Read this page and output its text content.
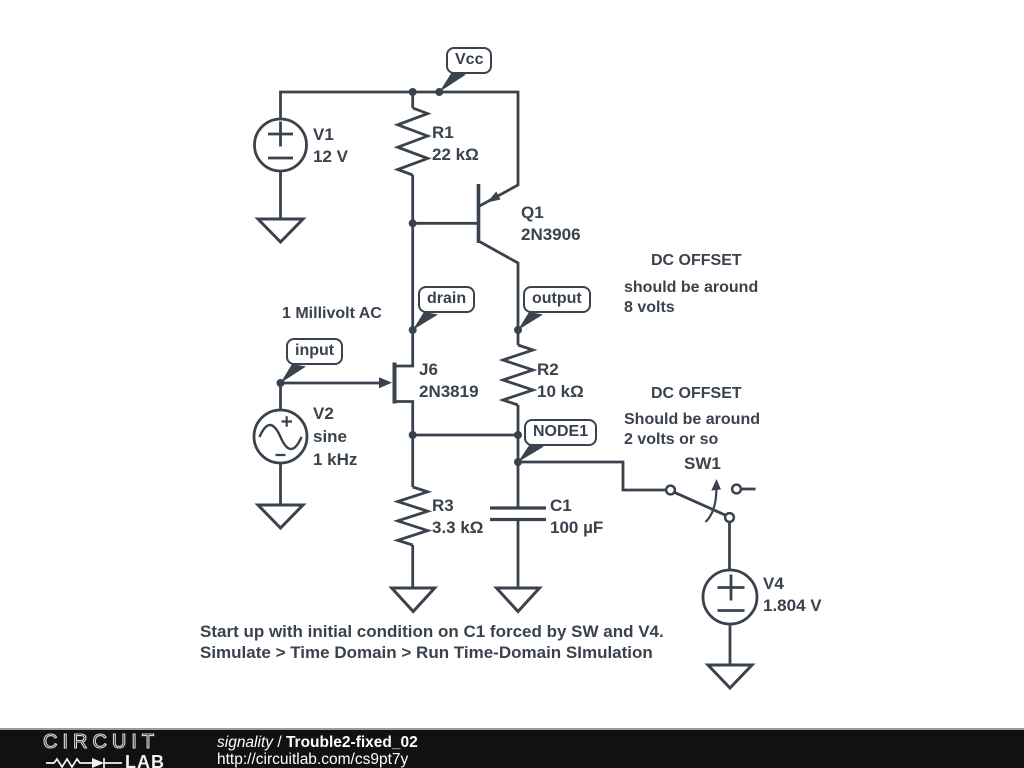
Vcc
input
drain	output
NODE1
V1
12 V
R1
22 kΩ
Q1
2N3906
J6
2N3819
R2
10 kΩ
V2
sine
1 kHz
R3
3.3 kΩ
C1
100 µF
SW1
V4
1.804 V
1 Millivolt AC
DC OFFSET
should be around
8 volts
DC OFFSET
Should be around
2 volts or so
Start up with initial condition on C1 forced by SW and V4.
Simulate > Time Domain > Run Time-Domain SImulation
CIRCUIT
LAB
signality / Trouble2-fixed_02
http://circuitlab.com/cs9pt7y
